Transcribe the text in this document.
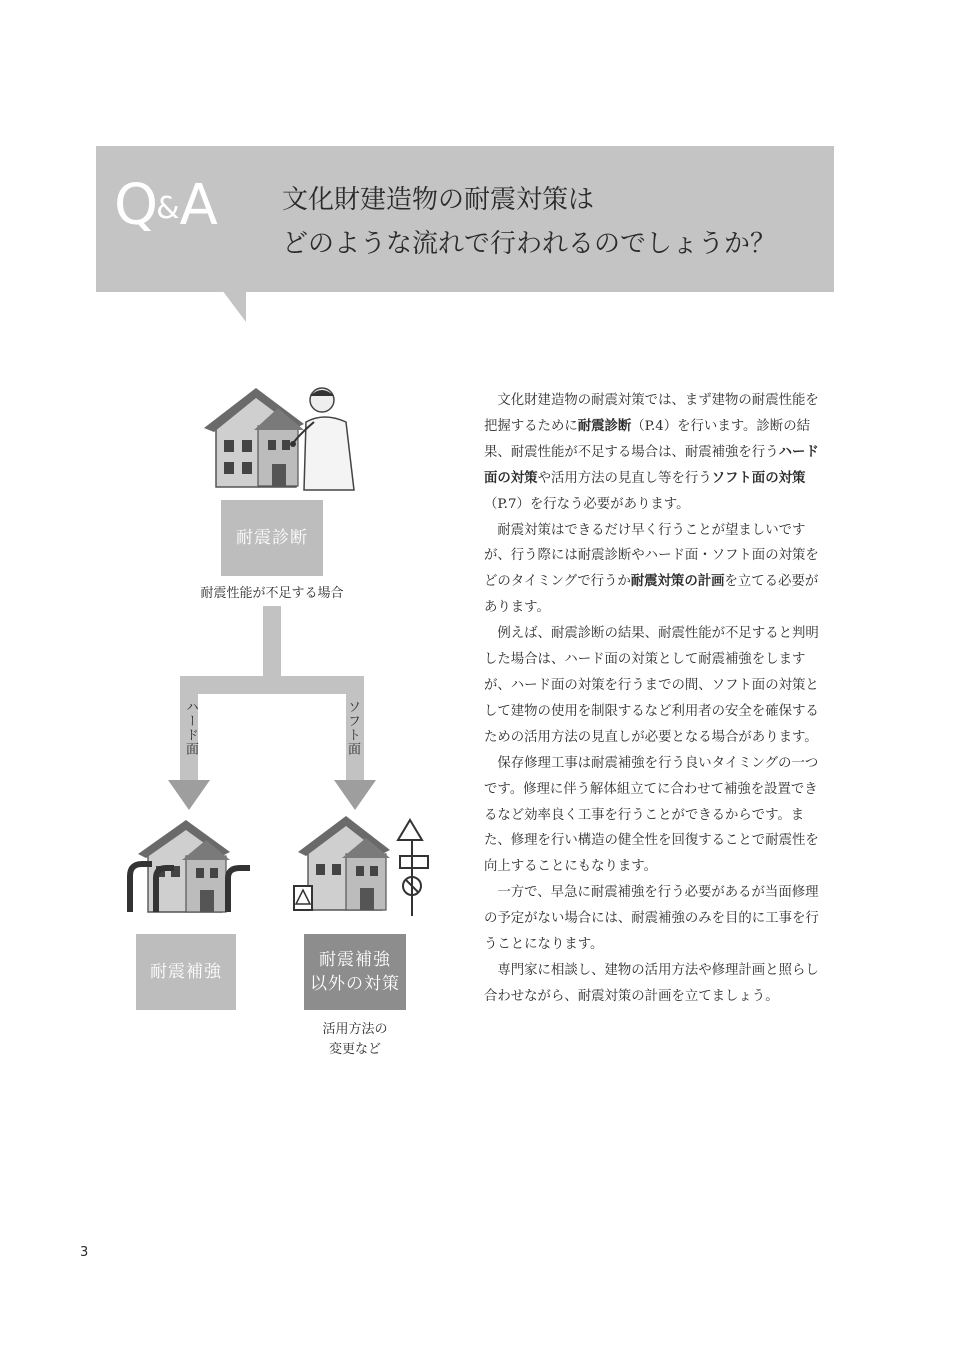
Q&A	文化財建造物の耐震対策は
どのような流れで行われるのでしょうか？
耐震診断
耐震性能が不足する場合
ハード面	ソフト面
耐震補強
耐震補強
以外の対策
活用方法の
変更など

文化財建造物の耐震対策では、まず建物の耐震性能を把握するために耐震診断（P.4）を行います。診断の結果、耐震性能が不足する場合は、耐震補強を行うハード面の対策や活用方法の見直し等を行うソフト面の対策（P.7）を行なう必要があります。

耐震対策はできるだけ早く行うことが望ましいですが、行う際には耐震診断やハード面・ソフト面の対策をどのタイミングで行うか耐震対策の計画を立てる必要があります。

例えば、耐震診断の結果、耐震性能が不足すると判明した場合は、ハード面の対策として耐震補強をしますが、ハード面の対策を行うまでの間、ソフト面の対策として建物の使用を制限するなど利用者の安全を確保するための活用方法の見直しが必要となる場合があります。

保存修理工事は耐震補強を行う良いタイミングの一つです。修理に伴う解体組立てに合わせて補強を設置できるなど効率良く工事を行うことができるからです。また、修理を行い構造の健全性を回復することで耐震性を向上することにもなります。

一方で、早急に耐震補強を行う必要があるが当面修理の予定がない場合には、耐震補強のみを目的に工事を行うことになります。

専門家に相談し、建物の活用方法や修理計画と照らし合わせながら、耐震対策の計画を立てましょう。

3
